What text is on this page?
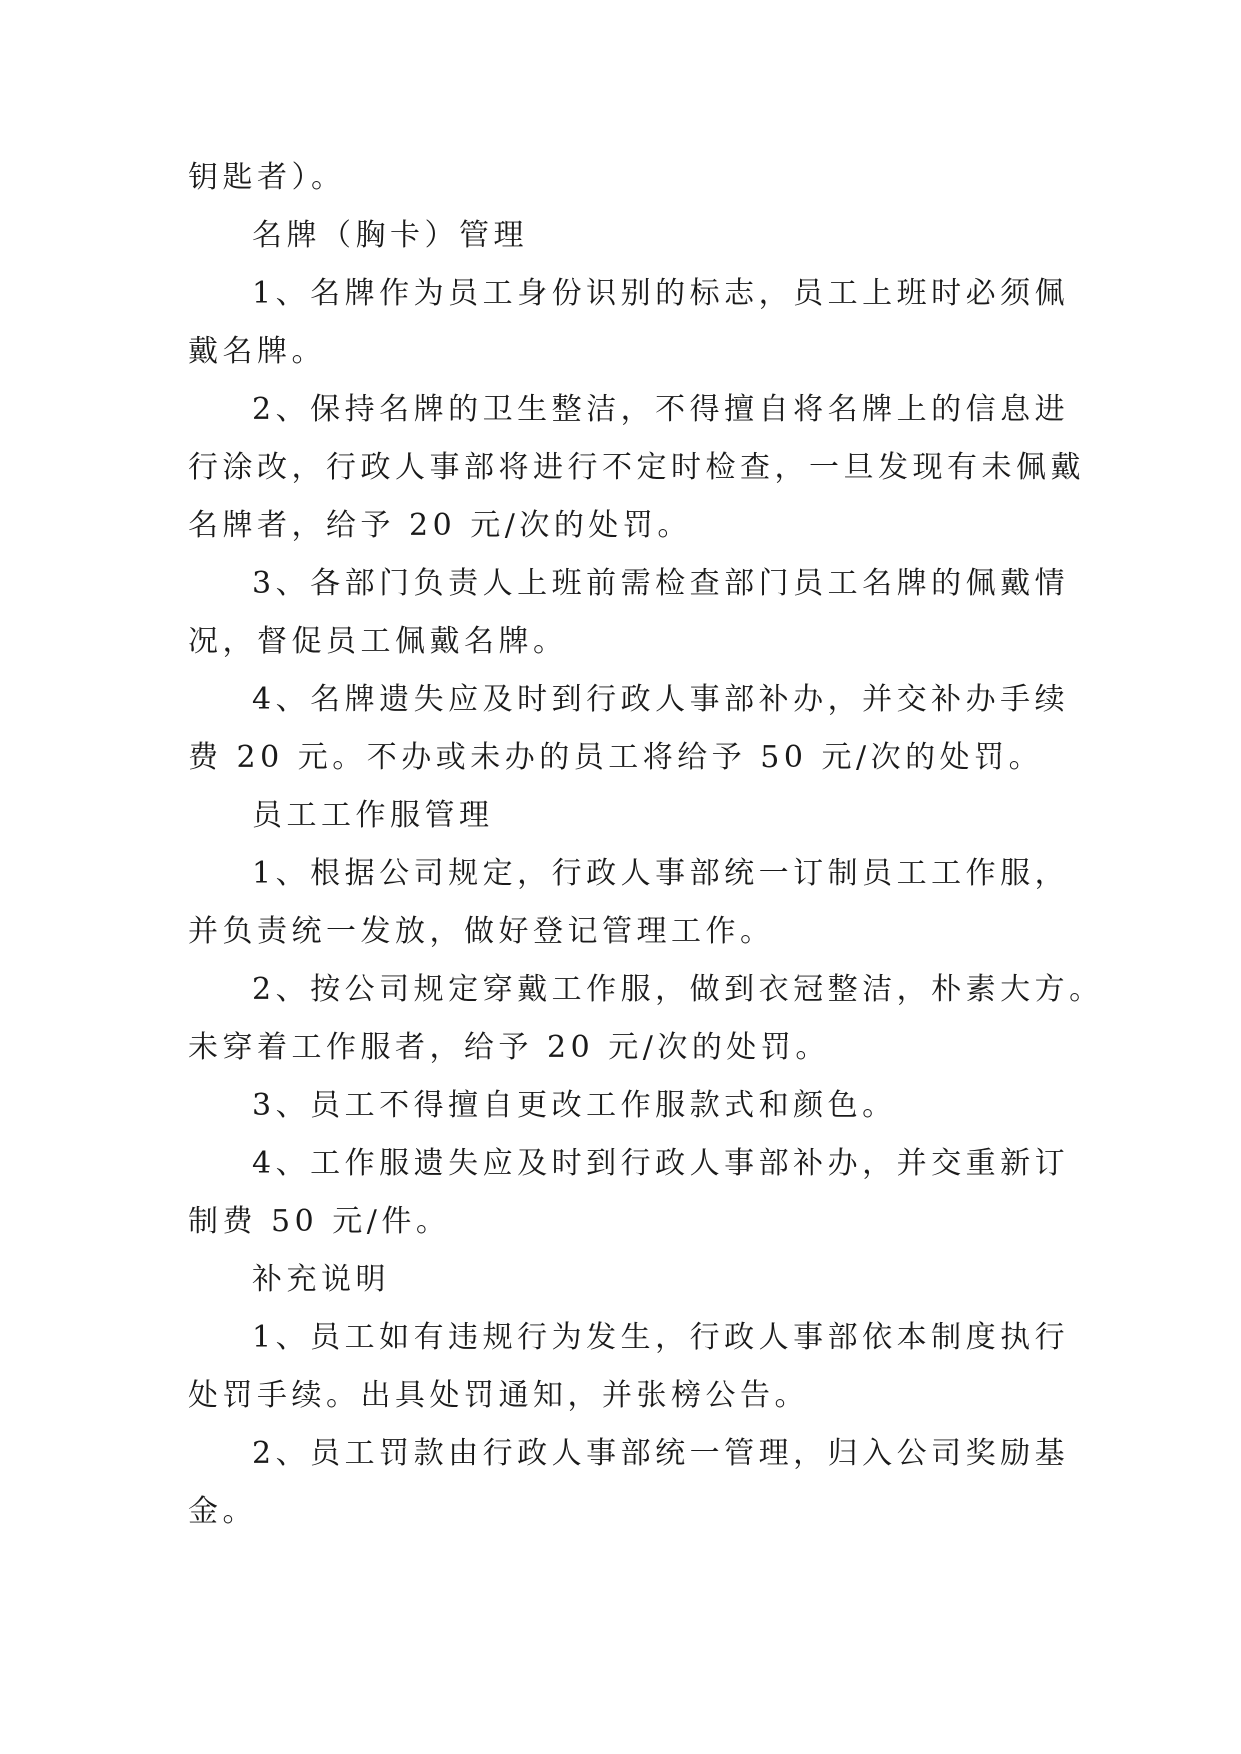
钥匙者）。
名牌（胸卡）管理
1、名牌作为员工身份识别的标志，员工上班时必须佩
戴名牌。
2、保持名牌的卫生整洁，不得擅自将名牌上的信息进
行涂改，行政人事部将进行不定时检查，一旦发现有未佩戴
名牌者，给予 20 元/次的处罚。
3、各部门负责人上班前需检查部门员工名牌的佩戴情
况，督促员工佩戴名牌。
4、名牌遗失应及时到行政人事部补办，并交补办手续
费 20 元。不办或未办的员工将给予 50 元/次的处罚。
员工工作服管理
1、根据公司规定，行政人事部统一订制员工工作服，
并负责统一发放，做好登记管理工作。
2、按公司规定穿戴工作服，做到衣冠整洁，朴素大方。
未穿着工作服者，给予 20 元/次的处罚。
3、员工不得擅自更改工作服款式和颜色。
4、工作服遗失应及时到行政人事部补办，并交重新订
制费 50 元/件。
补充说明
1、员工如有违规行为发生，行政人事部依本制度执行
处罚手续。出具处罚通知，并张榜公告。
2、员工罚款由行政人事部统一管理，归入公司奖励基
金。
